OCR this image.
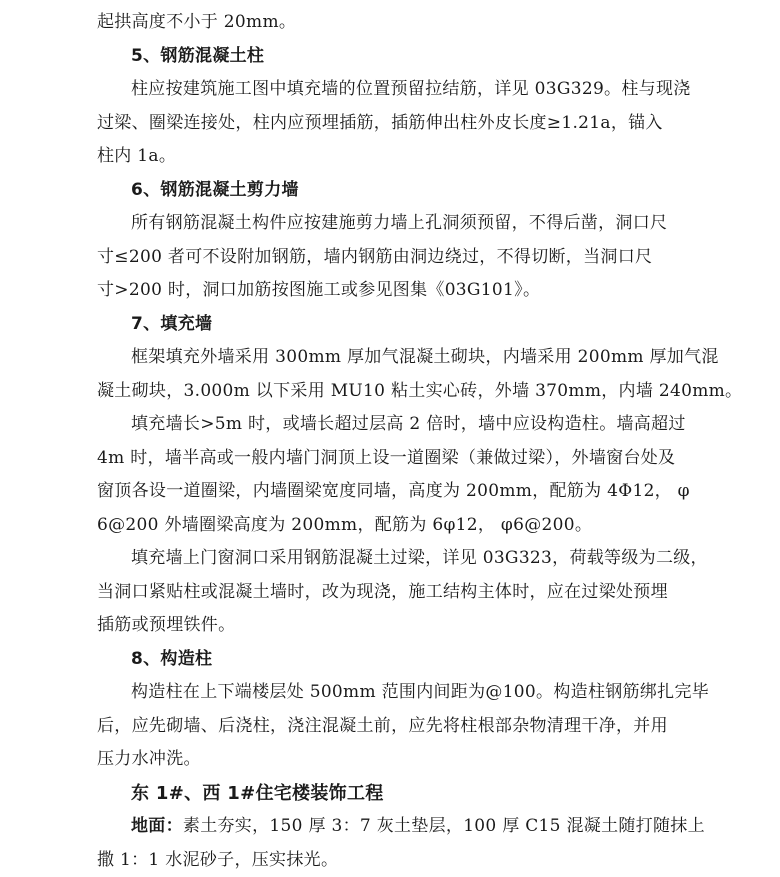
起拱高度不小于 20mm。
5、钢筋混凝土柱
柱应按建筑施工图中填充墙的位置预留拉结筋，详见 03G329。柱与现浇
过梁、圈梁连接处，柱内应预埋插筋，插筋伸出柱外皮长度≥1.21a，锚入
柱内 1a。
6、钢筋混凝土剪力墙
所有钢筋混凝土构件应按建施剪力墙上孔洞须预留，不得后凿，洞口尺
寸≤200 者可不设附加钢筋，墙内钢筋由洞边绕过，不得切断，当洞口尺
寸>200 时，洞口加筋按图施工或参见图集《03G101》。
7、填充墙
框架填充外墙采用 300mm 厚加气混凝土砌块，内墙采用 200mm 厚加气混
凝土砌块，3.000m 以下采用 MU10 粘土实心砖，外墙 370mm，内墙 240mm。
填充墙长>5m 时，或墙长超过层高 2 倍时，墙中应设构造柱。墙高超过
4m 时，墙半高或一般内墙门洞顶上设一道圈梁（兼做过梁），外墙窗台处及
窗顶各设一道圈梁，内墙圈梁宽度同墙，高度为 200mm，配筋为 4Φ12， φ
6@200 外墙圈梁高度为 200mm，配筋为 6φ12， φ6@200。
填充墙上门窗洞口采用钢筋混凝土过梁，详见 03G323，荷载等级为二级，
当洞口紧贴柱或混凝土墙时，改为现浇，施工结构主体时，应在过梁处预埋
插筋或预埋铁件。
8、构造柱
构造柱在上下端楼层处 500mm 范围内间距为@100。构造柱钢筋绑扎完毕
后，应先砌墙、后浇柱，浇注混凝土前，应先将柱根部杂物清理干净，并用
压力水冲洗。
东 1#、西 1#住宅楼装饰工程
地面：素土夯实，150 厚 3：7 灰土垫层，100 厚 C15 混凝土随打随抹上
撒 1：1 水泥砂子，压实抹光。
